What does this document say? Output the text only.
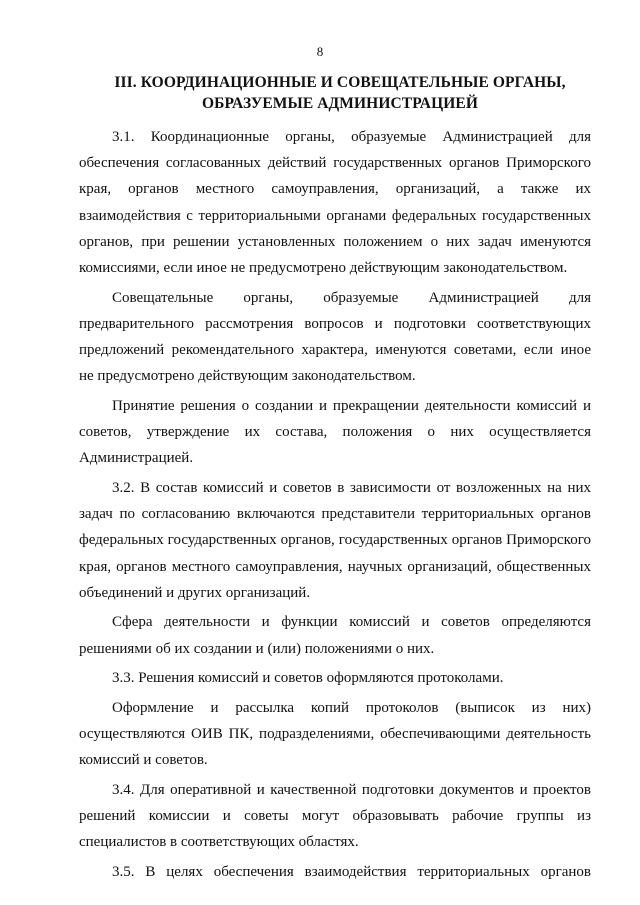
8
III. КООРДИНАЦИОННЫЕ И СОВЕЩАТЕЛЬНЫЕ ОРГАНЫ,
ОБРАЗУЕМЫЕ АДМИНИСТРАЦИЕЙ
3.1. Координационные органы, образуемые Администрацией для
обеспечения согласованных действий государственных органов Приморского
края, органов местного самоуправления, организаций, а также их
взаимодействия с территориальными органами федеральных государственных
органов, при решении установленных положением о них задач именуются
комиссиями, если иное не предусмотрено действующим законодательством.
Совещательные органы, образуемые Администрацией для
предварительного рассмотрения вопросов и подготовки соответствующих
предложений рекомендательного характера, именуются советами, если иное
не предусмотрено действующим законодательством.
Принятие решения о создании и прекращении деятельности комиссий и
советов, утверждение их состава, положения о них осуществляется
Администрацией.
3.2. В состав комиссий и советов в зависимости от возложенных на них
задач по согласованию включаются представители территориальных органов
федеральных государственных органов, государственных органов Приморского
края, органов местного самоуправления, научных организаций, общественных
объединений и других организаций.
Сфера деятельности и функции комиссий и советов определяются
решениями об их создании и (или) положениями о них.
3.3. Решения комиссий и советов оформляются протоколами.
Оформление и рассылка копий протоколов (выписок из них)
осуществляются ОИВ ПК, подразделениями, обеспечивающими деятельность
комиссий и советов.
3.4. Для оперативной и качественной подготовки документов и проектов
решений комиссии и советы могут образовывать рабочие группы из
специалистов в соответствующих областях.
3.5. В целях обеспечения взаимодействия территориальных органов
